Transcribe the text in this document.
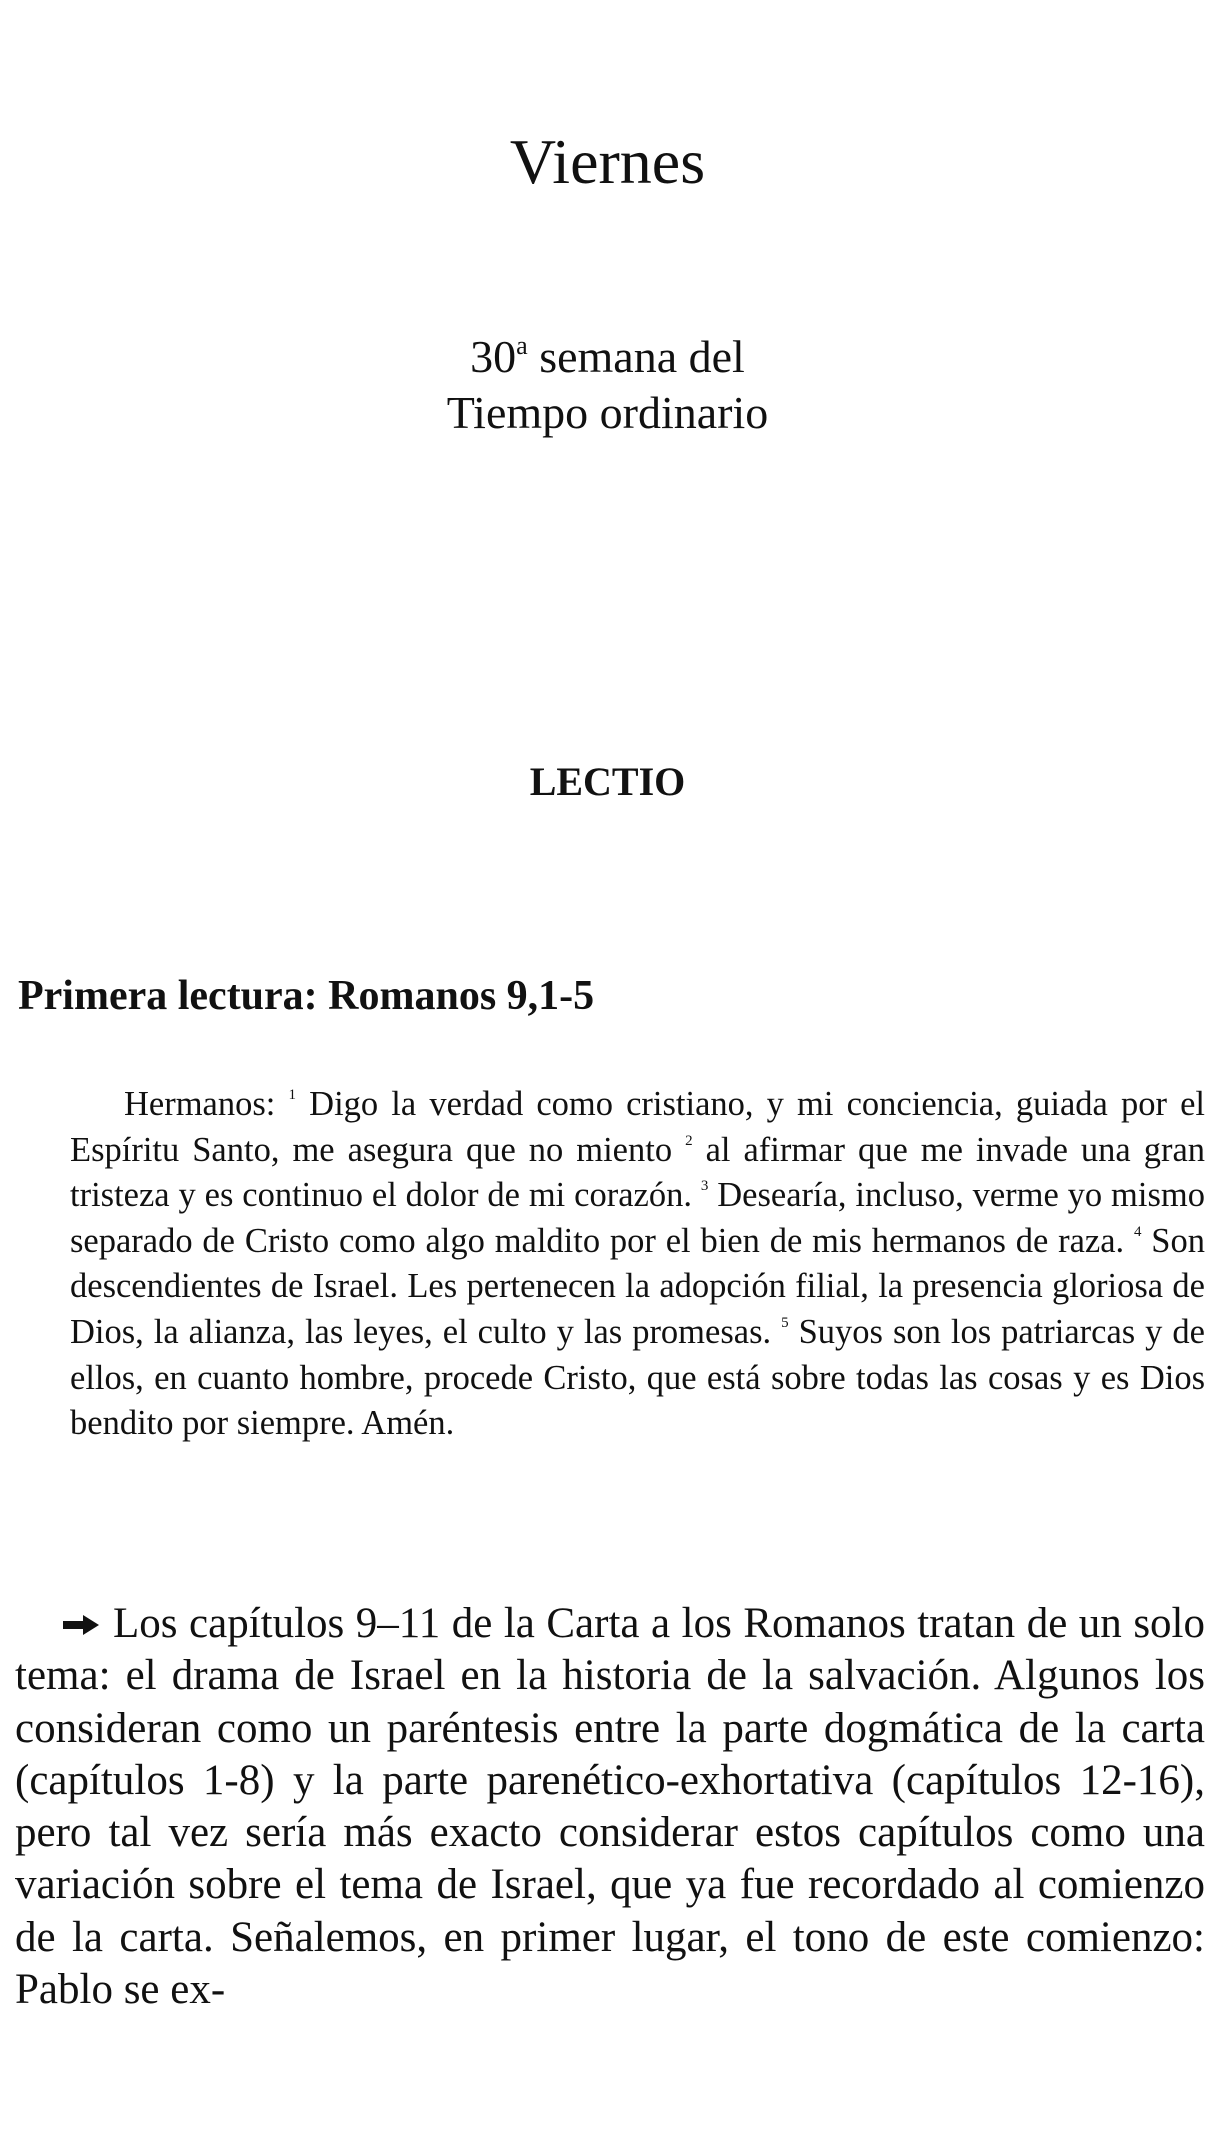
Viernes
30$^a$ semana del
Tiempo ordinario
LECTIO
Primera lectura: Romanos 9,1-5
Hermanos: $^1$ Digo la verdad como cristiano, y mi conciencia, guiada por el Espíritu Santo, me asegura que no miento $^2$ al afirmar que me invade una gran tristeza y es continuo el dolor de mi corazón. $^3$ Desearía, incluso, verme yo mismo separado de Cristo como algo maldito por el bien de mis hermanos de raza. $^4$ Son descendientes de Israel. Les pertenecen la adopción filial, la presencia gloriosa de Dios, la alianza, las leyes, el culto y las promesas. $^5$ Suyos son los patriarcas y de ellos, en cuanto hombre, procede Cristo, que está sobre todas las cosas y es Dios bendito por siempre. Amén.
Los capítulos 9–11 de la Carta a los Romanos tratan de un solo tema: el drama de Israel en la historia de la salvación. Algunos los consideran como un paréntesis entre la parte dogmática de la carta (capítulos 1-8) y la parte parenético-exhortativa (capítulos 12-16), pero tal vez sería más exacto considerar estos capítulos como una variación sobre el tema de Israel, que ya fue recordado al comienzo de la carta. Señalemos, en primer lugar, el tono de este comienzo: Pablo se ex-
